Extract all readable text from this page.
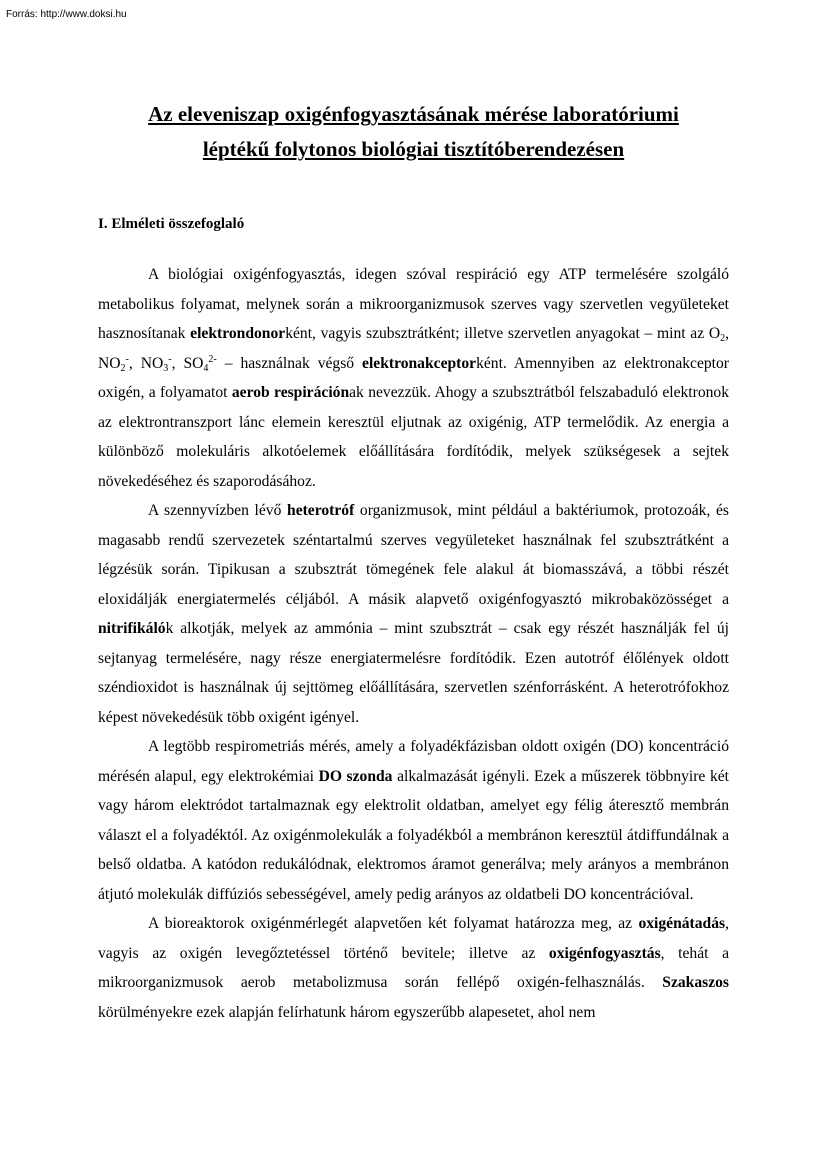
Forrás: http://www.doksi.hu
Az eleveniszap oxigénfogyasztásának mérése laboratóriumi
léptékű folytonos biológiai tisztítóberendezésen
I. Elméleti összefoglaló

A biológiai oxigénfogyasztás, idegen szóval respiráció egy ATP termelésére szolgáló metabolikus folyamat, melynek során a mikroorganizmusok szerves vagy szervetlen vegyületeket hasznosítanak elektrondonorként, vagyis szubsztrátként; illetve szervetlen anyagokat – mint az $O_2$, $NO_2^-$, $NO_3^-$, $SO_4^{2-}$ – használnak végső elektronakceptorként. Amennyiben az elektronakceptor oxigén, a folyamatot aerob respirációnak nevezzük. Ahogy a szubsztrátból felszabaduló elektronok az elektrontranszport lánc elemein keresztül eljutnak az oxigénig, ATP termelődik. Az energia a különböző molekuláris alkotóelemek előállítására fordítódik, melyek szükségesek a sejtek növekedéséhez és szaporodásához.

A szennyvízben lévő heterotróf organizmusok, mint például a baktériumok, protozoák, és magasabb rendű szervezetek széntartalmú szerves vegyületeket használnak fel szubsztrátként a légzésük során. Tipikusan a szubsztrát tömegének fele alakul át biomasszává, a többi részét eloxidálják energiatermelés céljából. A másik alapvető oxigénfogyasztó mikrobaközösséget a nitrifikálók alkotják, melyek az ammónia – mint szubsztrát – csak egy részét használják fel új sejtanyag termelésére, nagy része energiatermelésre fordítódik. Ezen autotróf élőlények oldott széndioxidot is használnak új sejttömeg előállítására, szervetlen szénforrásként. A heterotrófokhoz képest növekedésük több oxigént igényel.

A legtöbb respirometriás mérés, amely a folyadékfázisban oldott oxigén (DO) koncentráció mérésén alapul, egy elektrokémiai DO szonda alkalmazását igényli. Ezek a műszerek többnyire két vagy három elektródot tartalmaznak egy elektrolit oldatban, amelyet egy félig áteresztő membrán választ el a folyadéktól. Az oxigénmolekulák a folyadékból a membránon keresztül átdiffundálnak a belső oldatba. A katódon redukálódnak, elektromos áramot generálva; mely arányos a membránon átjutó molekulák diffúziós sebességével, amely pedig arányos az oldatbeli DO koncentrációval.

A bioreaktorok oxigénmérlegét alapvetően két folyamat határozza meg, az oxigénátadás, vagyis az oxigén levegőztetéssel történő bevitele; illetve az oxigénfogyasztás, tehát a mikroorganizmusok aerob metabolizmusa során fellépő oxigén-felhasználás. Szakaszos körülményekre ezek alapján felírhatunk három egyszerűbb alapesetet, ahol nem
